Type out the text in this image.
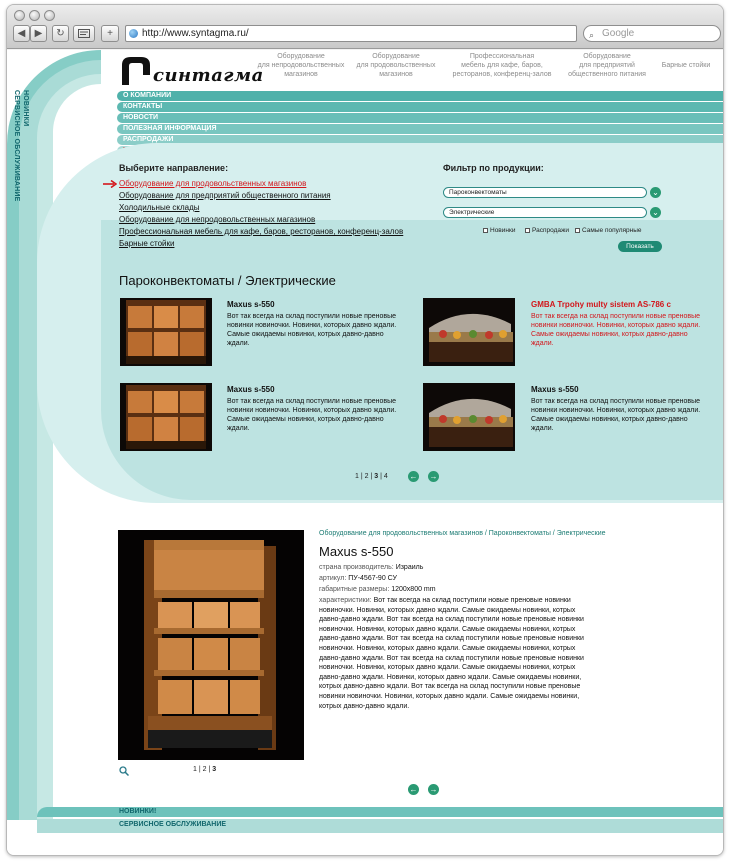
◀ ▶	↻	+	http://www.syntagma.ru/	⌕ Google
СЕРВИСНОЕ ОБСЛУЖИВАНИЕ НОВИНКИ
синтагма
Оборудование
для непродовольственных
магазинов
Оборудование
для продовольственных
магазинов
Профессиональная
мебель для кафе, баров,
ресторанов, конференц-залов
Оборудование
для предприятий
общественного питания
Барные стойки
О КОМПАНИИ
КОНТАКТЫ
НОВОСТИ
ПОЛЕЗНАЯ ИНФОРМАЦИЯ
РАСПРОДАЖИ
Выберите направление:
Оборудование для продовольственных магазинов
Оборудование для предприятий общественного питания
Холодильные склады
Оборудование для непродовольственных магазинов
Профессиональная мебель для кафе, баров, ресторанов, конференц-залов
Барные стойки
Фильтр по продукции:
Пароконвектоматы	⌄
Электрические	⌄
Новинки	Распродажи	Самые популярные
Показать
Пароконвектоматы / Электрические
Maxus s-550
Вот так всегда на склад поступили новые преновые новинки новиночки. Новинки, которых давно ждали. Самые ожидаемы новинки, котрых давно-давно ждали.
GMBA Trpohy multy sistem AS-786 c
Вот так всегда на склад поступили новые преновые новинки новиночки. Новинки, которых давно ждали. Самые ожидаемы новинки, котрых давно-давно ждали.
Maxus s-550
Вот так всегда на склад поступили новые преновые новинки новиночки. Новинки, которых давно ждали. Самые ожидаемы новинки, котрых давно-давно ждали.
Maxus s-550
Вот так всегда на склад поступили новые преновые новинки новиночки. Новинки, которых давно ждали. Самые ожидаемы новинки, котрых давно-давно ждали.
1 | 2 | 3 | 4	← →
Оборудование для продовольственных магазинов / Пароконвектоматы / Электрические
Maxus s-550
страна производитель: Израиль
артикул: ПУ-4567-90 СУ
габаритные размеры: 1200x800 mm
характеристики: Вот так всегда на склад поступили новые преновые новинки новиночки. Новинки, которых давно ждали. Самые ожидаемы новинки, котрых давно-давно ждали. Вот так всегда на склад поступили новые преновые новинки новиночки. Новинки, которых давно ждали. Самые ожидаемы новинки, котрых давно-давно ждали. Вот так всегда на склад поступили новые преновые новинки новиночки. Новинки, которых давно ждали. Самые ожидаемы новинки, котрых давно-давно ждали. Вот так всегда на склад поступили новые преновые новинки новиночки. Новинки, которых давно ждали. Самые ожидаемы новинки, котрых давно-давно ждали. Новинки, которых давно ждали. Самые ожидаемы новинки, котрых давно-давно ждали. Вот так всегда на склад поступили новые преновые новинки новиночки. Новинки, которых давно ждали. Самые ожидаемы новинки, котрых давно-давно ждали.
1 | 2 | 3
← →
НОВИНКИ!
СЕРВИСНОЕ ОБСЛУЖИВАНИЕ
